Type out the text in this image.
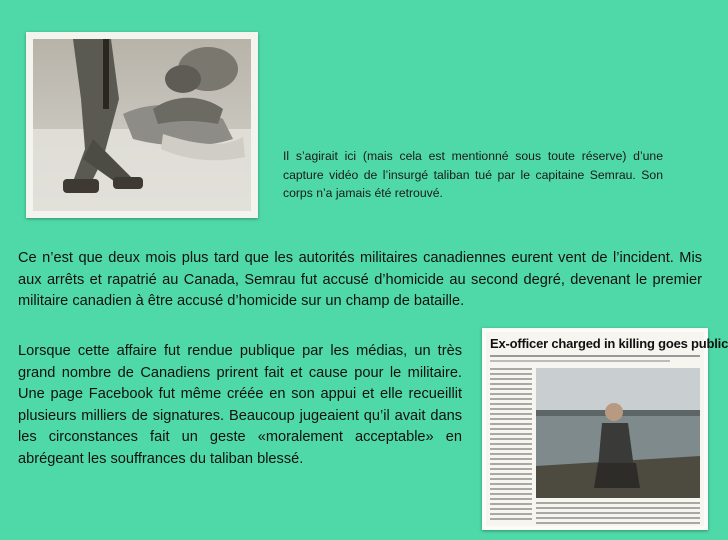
Il s’agirait ici (mais cela est mentionné sous toute réserve) d’une capture vidéo de l’insurgé taliban tué par le capitaine Semrau. Son corps n’a jamais été retrouvé.
Ce n’est que deux mois plus tard que les autorités militaires canadiennes eurent vent de l’incident. Mis aux arrêts et rapatrié au Canada, Semrau fut accusé d’homicide au second degré, devenant le premier militaire canadien à être accusé d’homicide sur un champ de bataille.
Lorsque cette affaire fut rendue publique par les médias, un très grand nombre de Canadiens prirent fait et cause pour le militaire. Une page Facebook fut même créée en son appui et elle recueillit plusieurs milliers de signatures. Beaucoup jugeaient qu’il avait dans les circonstances fait un geste «moralement acceptable» en abrégeant les souffrances du taliban blessé.
Ex-officer charged in killing goes public
